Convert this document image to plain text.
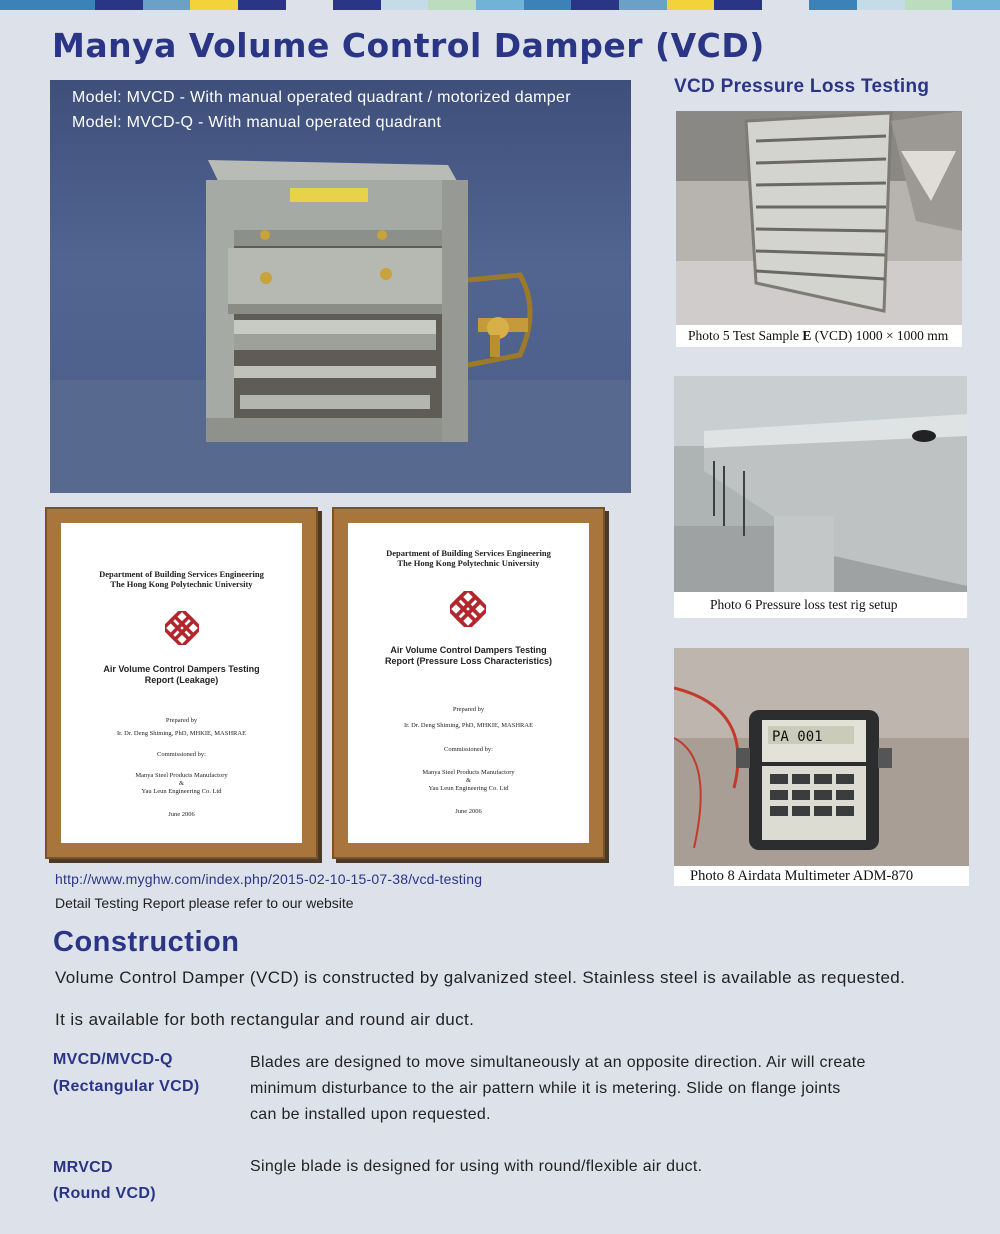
Manya Volume Control Damper (VCD)
Model: MVCD - With manual operated quadrant / motorized damper
Model: MVCD-Q - With manual operated quadrant
VCD Pressure Loss Testing
Photo 5 Test Sample E (VCD) 1000 × 1000 mm
Photo 6 Pressure loss test rig setup
PA 001
Photo 8 Airdata Multimeter ADM-870
Department of Building Services Engineering
The Hong Kong Polytechnic University
Air Volume Control Dampers Testing
Report (Leakage)
Prepared by
Ir. Dr. Deng Shiming, PhD, MHKIE, MASHRAE
Commissioned by:
Manya Steel Products Manufactory
&
Yau Leun Engineering Co. Ltd
June 2006
Department of Building Services Engineering
The Hong Kong Polytechnic University
Air Volume Control Dampers Testing
Report (Pressure Loss Characteristics)
Prepared by
Ir. Dr. Deng Shiming, PhD, MHKIE, MASHRAE
Commissioned by:
Manya Steel Products Manufactory
&
Yau Leun Engineering Co. Ltd
June 2006
http://www.myghw.com/index.php/2015-02-10-15-07-38/vcd-testing
Detail Testing Report please refer to our website
Construction
Volume Control Damper (VCD) is constructed by galvanized steel. Stainless steel is available as requested.
It is available for both rectangular and round air duct.
MVCD/MVCD-Q
(Rectangular VCD)
Blades are designed to move simultaneously at an opposite direction. Air will create minimum disturbance to the air pattern while it is metering. Slide on flange joints can be installed upon requested.
MRVCD
(Round VCD)
Single blade is designed for using with round/flexible air duct.
